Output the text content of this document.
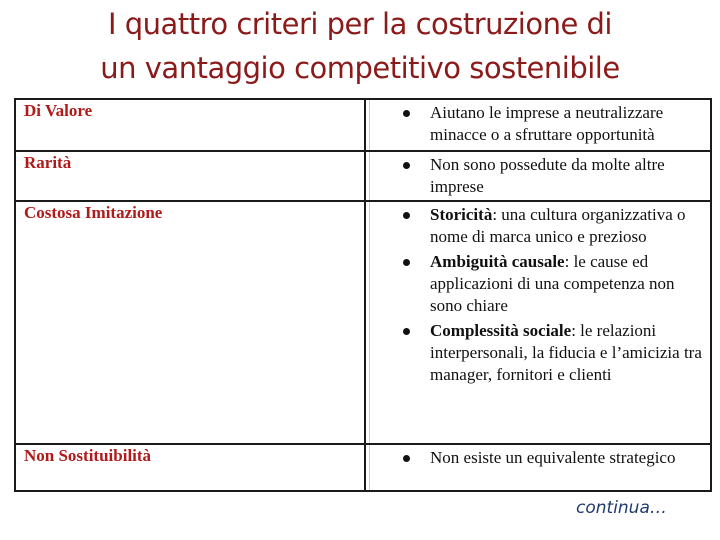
I quattro criteri per la costruzione di
un vantaggio competitivo sostenibile
Di Valore	Aiutano le imprese a neutralizzare minacce o a sfruttare opportunità
Rarità	Non sono possedute da molte altre imprese
Costosa Imitazione	Storicità: una cultura organizzativa o nome di marca unico e prezioso
Ambiguità causale: le cause ed applicazioni di una competenza non sono chiare
Complessità sociale: le relazioni interpersonali, la fiducia e l’amicizia tra manager, fornitori e clienti
Non Sostituibilità	Non esiste un equivalente strategico
continua…
